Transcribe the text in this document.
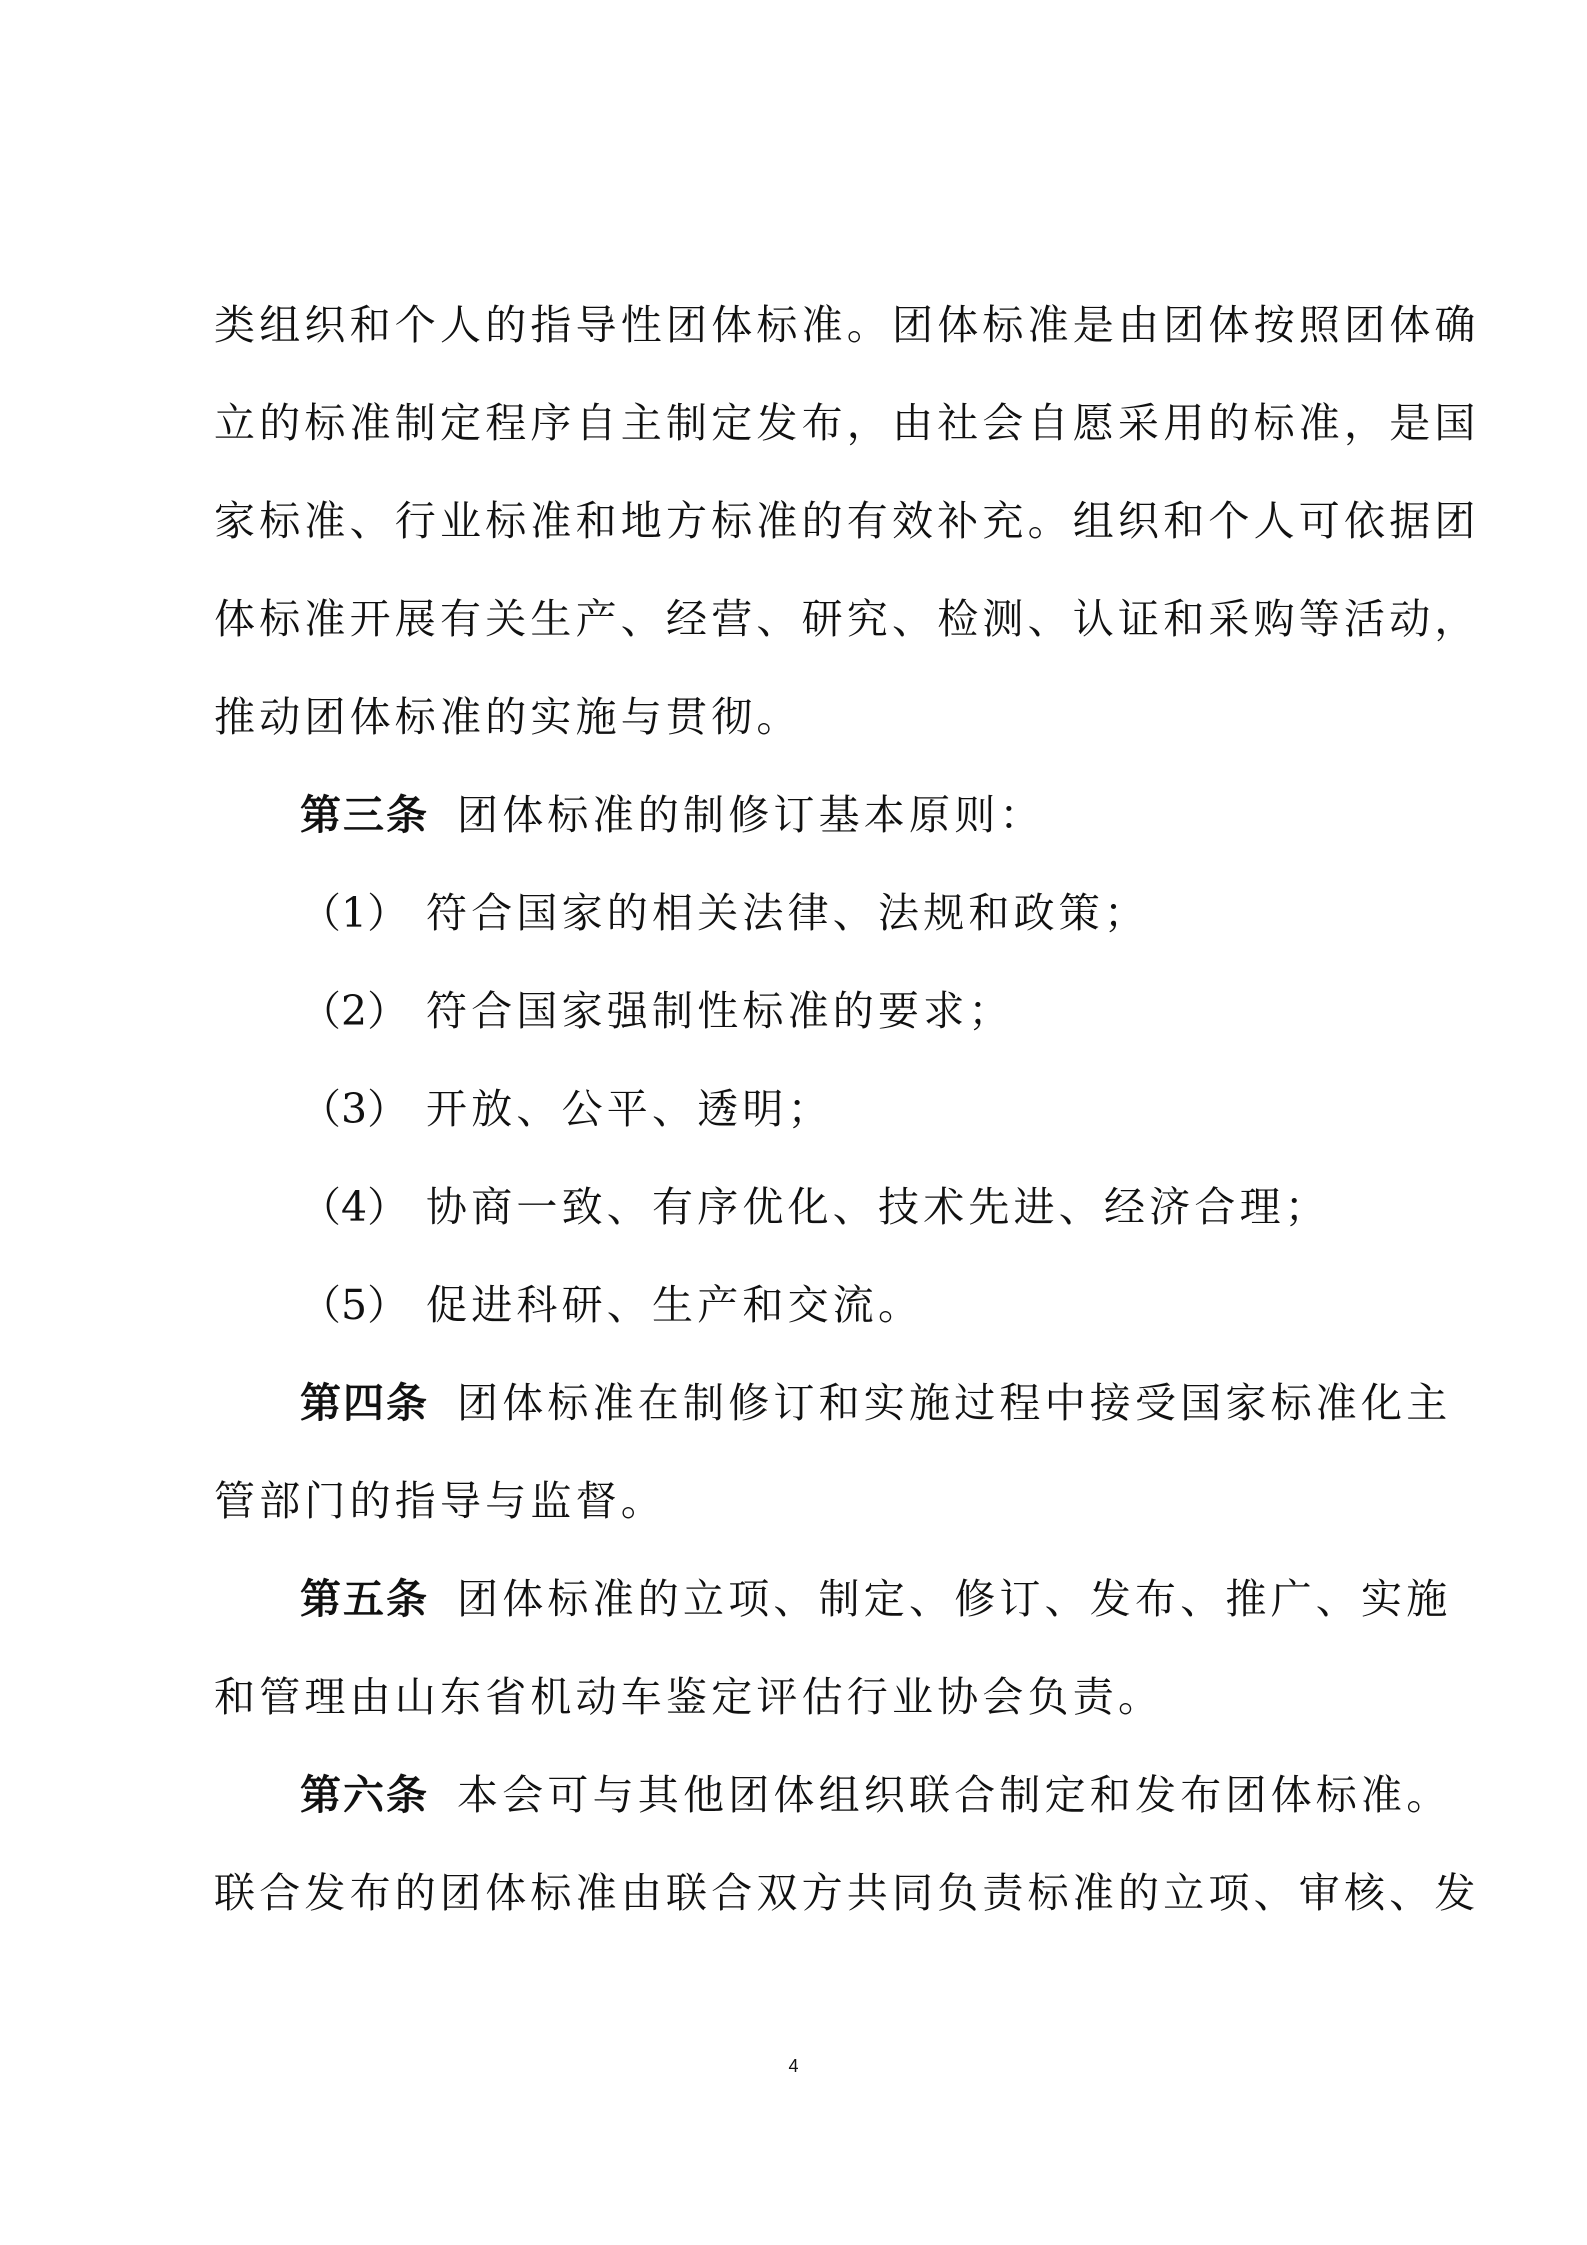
类组织和个人的指导性团体标准。团体标准是由团体按照团体确
立的标准制定程序自主制定发布，由社会自愿采用的标准，是国
家标准、行业标准和地方标准的有效补充。组织和个人可依据团
体标准开展有关生产、经营、研究、检测、认证和采购等活动，
推动团体标准的实施与贯彻。
第三条 团体标准的制修订基本原则：
（1） 符合国家的相关法律、法规和政策；
（2） 符合国家强制性标准的要求；
（3） 开放、公平、透明；
（4） 协商一致、有序优化、技术先进、经济合理；
（5） 促进科研、生产和交流。
第四条 团体标准在制修订和实施过程中接受国家标准化主
管部门的指导与监督。
第五条 团体标准的立项、制定、修订、发布、推广、实施
和管理由山东省机动车鉴定评估行业协会负责。
第六条 本会可与其他团体组织联合制定和发布团体标准。
联合发布的团体标准由联合双方共同负责标准的立项、审核、发
4
